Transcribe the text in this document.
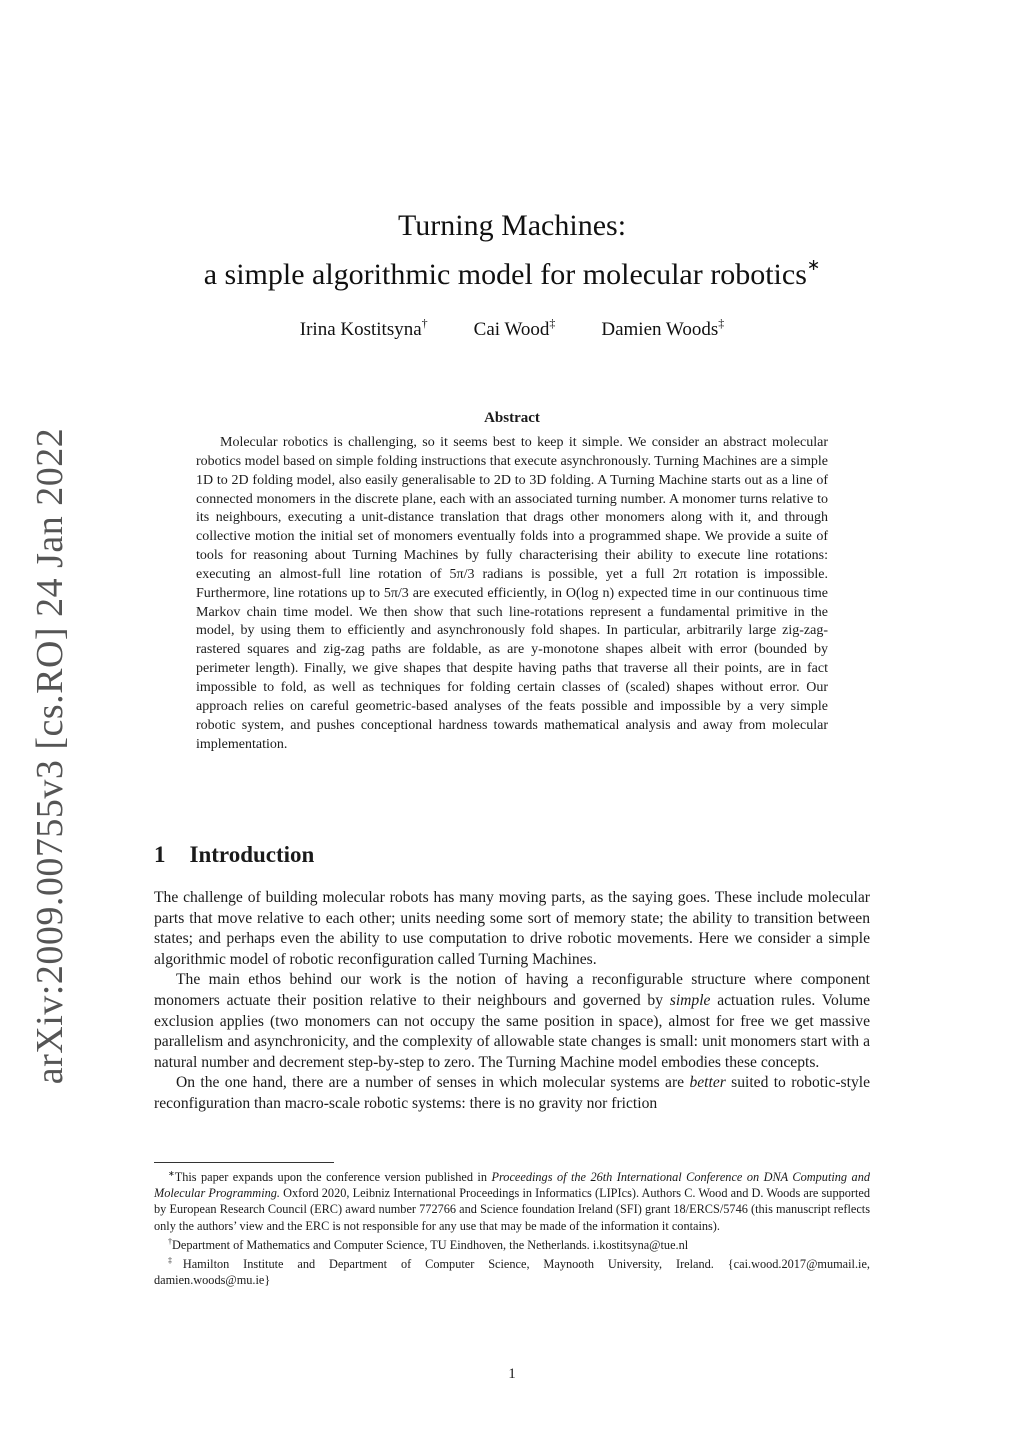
arXiv:2009.00755v3 [cs.RO] 24 Jan 2022
Turning Machines:
a simple algorithmic model for molecular robotics∗
Irina Kostitsyna† Cai Wood‡ Damien Woods‡
Abstract

Molecular robotics is challenging, so it seems best to keep it simple. We consider an abstract molecular robotics model based on simple folding instructions that execute asynchronously. Turning Machines are a simple 1D to 2D folding model, also easily generalisable to 2D to 3D folding. A Turning Machine starts out as a line of connected monomers in the discrete plane, each with an associated turning number. A monomer turns relative to its neighbours, executing a unit-distance translation that drags other monomers along with it, and through collective motion the initial set of monomers eventually folds into a programmed shape. We provide a suite of tools for reasoning about Turning Machines by fully characterising their ability to execute line rotations: executing an almost-full line rotation of 5π/3 radians is possible, yet a full 2π rotation is impossible. Furthermore, line rotations up to 5π/3 are executed efficiently, in O(log n) expected time in our continuous time Markov chain time model. We then show that such line-rotations represent a fundamental primitive in the model, by using them to efficiently and asynchronously fold shapes. In particular, arbitrarily large zig-zag-rastered squares and zig-zag paths are foldable, as are y-monotone shapes albeit with error (bounded by perimeter length). Finally, we give shapes that despite having paths that traverse all their points, are in fact impossible to fold, as well as techniques for folding certain classes of (scaled) shapes without error. Our approach relies on careful geometric-based analyses of the feats possible and impossible by a very simple robotic system, and pushes conceptional hardness towards mathematical analysis and away from molecular implementation.

1 Introduction

The challenge of building molecular robots has many moving parts, as the saying goes. These include molecular parts that move relative to each other; units needing some sort of memory state; the ability to transition between states; and perhaps even the ability to use computation to drive robotic movements. Here we consider a simple algorithmic model of robotic reconfiguration called Turning Machines.

The main ethos behind our work is the notion of having a reconfigurable structure where component monomers actuate their position relative to their neighbours and governed by simple actuation rules. Volume exclusion applies (two monomers can not occupy the same position in space), almost for free we get massive parallelism and asynchronicity, and the complexity of allowable state changes is small: unit monomers start with a natural number and decrement step-by-step to zero. The Turning Machine model embodies these concepts.

On the one hand, there are a number of senses in which molecular systems are better suited to robotic-style reconfiguration than macro-scale robotic systems: there is no gravity nor friction

∗This paper expands upon the conference version published in Proceedings of the 26th International Conference on DNA Computing and Molecular Programming. Oxford 2020, Leibniz International Proceedings in Informatics (LIPIcs). Authors C. Wood and D. Woods are supported by European Research Council (ERC) award number 772766 and Science foundation Ireland (SFI) grant 18/ERCS/5746 (this manuscript reflects only the authors’ view and the ERC is not responsible for any use that may be made of the information it contains).

†Department of Mathematics and Computer Science, TU Eindhoven, the Netherlands. i.kostitsyna@tue.nl

‡Hamilton Institute and Department of Computer Science, Maynooth University, Ireland. {cai.wood.2017@mumail.ie, damien.woods@mu.ie}

1
